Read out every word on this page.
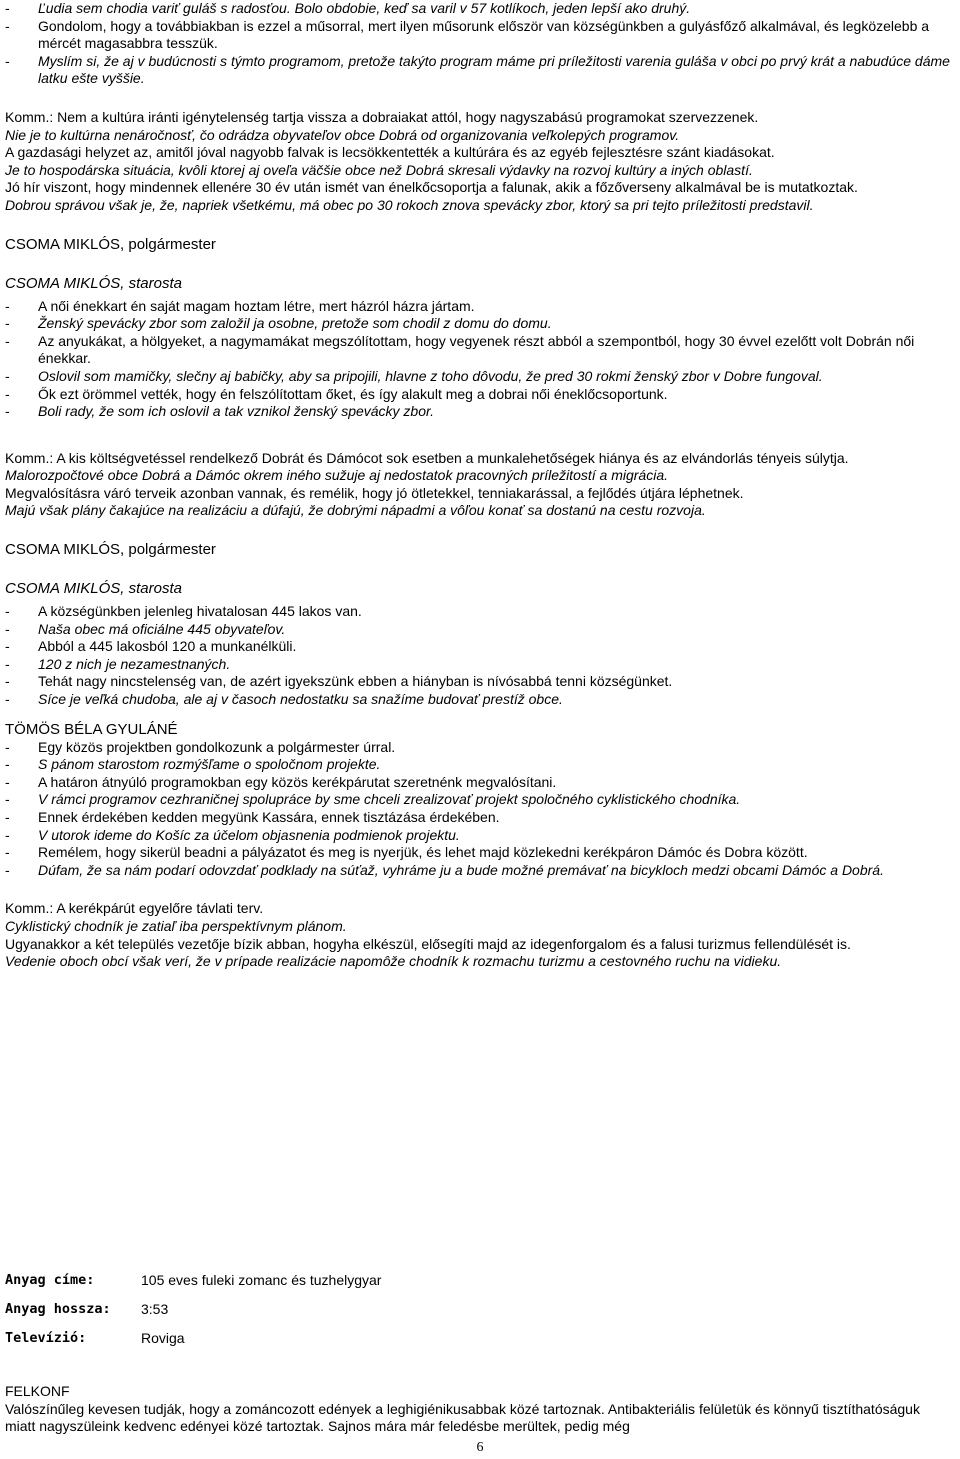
- Ľudia sem chodia variť guláš s radosťou. Bolo obdobie, keď sa varil v 57 kotlíkoch, jeden lepší ako druhý.
- Gondolom, hogy a továbbiakban is ezzel a műsorral, mert ilyen műsorunk először van községünkben a gulyásfőző alkalmával, és legközelebb a mércét magasabbra tesszük.
- Myslím si, že aj v budúcnosti s týmto programom, pretože takýto program máme pri príležitosti varenia guláša v obci po prvý krát a nabudúce dáme latku ešte vyššie.
Komm.: Nem a kultúra iránti igénytelenség tartja vissza a dobraiakat attól, hogy nagyszabású programokat szervezzenek.
Nie je to kultúrna nenáročnosť, čo odrádza obyvateľov obce Dobrá od organizovania veľkolepých programov.
A gazdasági helyzet az, amitől jóval nagyobb falvak is lecsökkentették a kultúrára és az egyéb fejlesztésre szánt kiadásokat.
Je to hospodárska situácia, kvôli ktorej aj oveľa väčšie obce než Dobrá skresali výdavky na rozvoj kultúry a iných oblastí.
Jó hír viszont, hogy mindennek ellenére 30 év után ismét van énelkőcsoportja a falunak, akik a főzőverseny alkalmával be is mutatkoztak.
Dobrou správou však je, že, napriek všetkému, má obec po 30 rokoch znova spevácky zbor, ktorý sa pri tejto príležitosti predstavil.
CSOMA MIKLÓS, polgármester
CSOMA MIKLÓS, starosta
- A női énekkart én saját magam hoztam létre, mert házról házra jártam.
- Ženský spevácky zbor som založil ja osobne, pretože som chodil z domu do domu.
- Az anyukákat, a hölgyeket, a nagymamákat megszólítottam, hogy vegyenek részt abból a szempontból, hogy 30 évvel ezelőtt volt Dobrán női énekkar.
- Oslovil som mamičky, slečny aj babičky, aby sa pripojili, hlavne z toho dôvodu, že pred 30 rokmi ženský zbor v Dobre fungoval.
- Ők ezt örömmel vették, hogy én felszólítottam őket, és így alakult meg a dobrai női éneklőcsoportunk.
- Boli rady, že som ich oslovil a tak vznikol ženský spevácky zbor.
Komm.: A kis költségvetéssel rendelkező Dobrát és Dámócot sok esetben a munkalehetőségek hiánya és az elvándorlás tényeis súlytja.
Malorozpočtové obce Dobrá a Dámóc okrem iného sužuje aj nedostatok pracovných príležitostí a migrácia.
Megvalósításra váró terveik azonban vannak, és remélik, hogy jó ötletekkel, tenniakarással, a fejlődés útjára léphetnek.
Majú však plány čakajúce na realizáciu a dúfajú, že dobrými nápadmi a vôľou konať sa dostanú na cestu rozvoja.
CSOMA MIKLÓS, polgármester
CSOMA MIKLÓS, starosta
- A községünkben jelenleg hivatalosan 445 lakos van.
- Naša obec má oficiálne 445 obyvateľov.
- Abból a 445 lakosból 120 a munkanélküli.
- 120 z nich je nezamestnaných.
- Tehát nagy nincstelenség van, de azért igyekszünk ebben a hiányban is nívósabbá tenni községünket.
- Síce je veľká chudoba, ale aj v časoch nedostatku sa snažíme budovať prestíž obce.
TÖMÖS BÉLA GYULÁNÉ
- Egy közös projektben gondolkozunk a polgármester úrral.
- S pánom starostom rozmýšľame o spoločnom projekte.
- A határon átnyúló programokban egy közös kerékpárutat szeretnénk megvalósítani.
- V rámci programov cezhraničnej spolupráce by sme chceli zrealizovať projekt spoločného cyklistického chodníka.
- Ennek érdekében kedden megyünk Kassára, ennek tisztázása érdekében.
- V utorok ideme do Košíc za účelom objasnenia podmienok projektu.
- Remélem, hogy sikerül beadni a pályázatot és meg is nyerjük, és lehet majd közlekedni kerékpáron Dámóc és Dobra között.
- Dúfam, že sa nám podarí odovzdať podklady na súťaž, vyhráme ju a bude možné premávať na bicykloch medzi obcami Dámóc a Dobrá.
Komm.: A kerékpárút egyelőre távlati terv.
Cyklistický chodník je zatiaľ iba perspektívnym plánom.
Ugyanakkor a két település vezetője bízik abban, hogyha elkészül, elősegíti majd az idegenforgalom és a falusi turizmus fellendülését is.
Vedenie oboch obcí však verí, že v prípade realizácie napomôže chodník k rozmachu turizmu a cestovného ruchu na vidieku.
Anyag címe:	105 eves fuleki zomanc és tuzhelygyar
Anyag hossza: 3:53
Televízió:	Roviga
FELKONF
Valószínűleg kevesen tudják, hogy a zománcozott edények a leghigiénikusabbak közé tartoznak. Antibakteriális felületük és könnyű tisztíthatóságuk miatt nagyszüleink kedvenc edényei közé tartoztak. Sajnos mára már feledésbe merültek, pedig még
6
